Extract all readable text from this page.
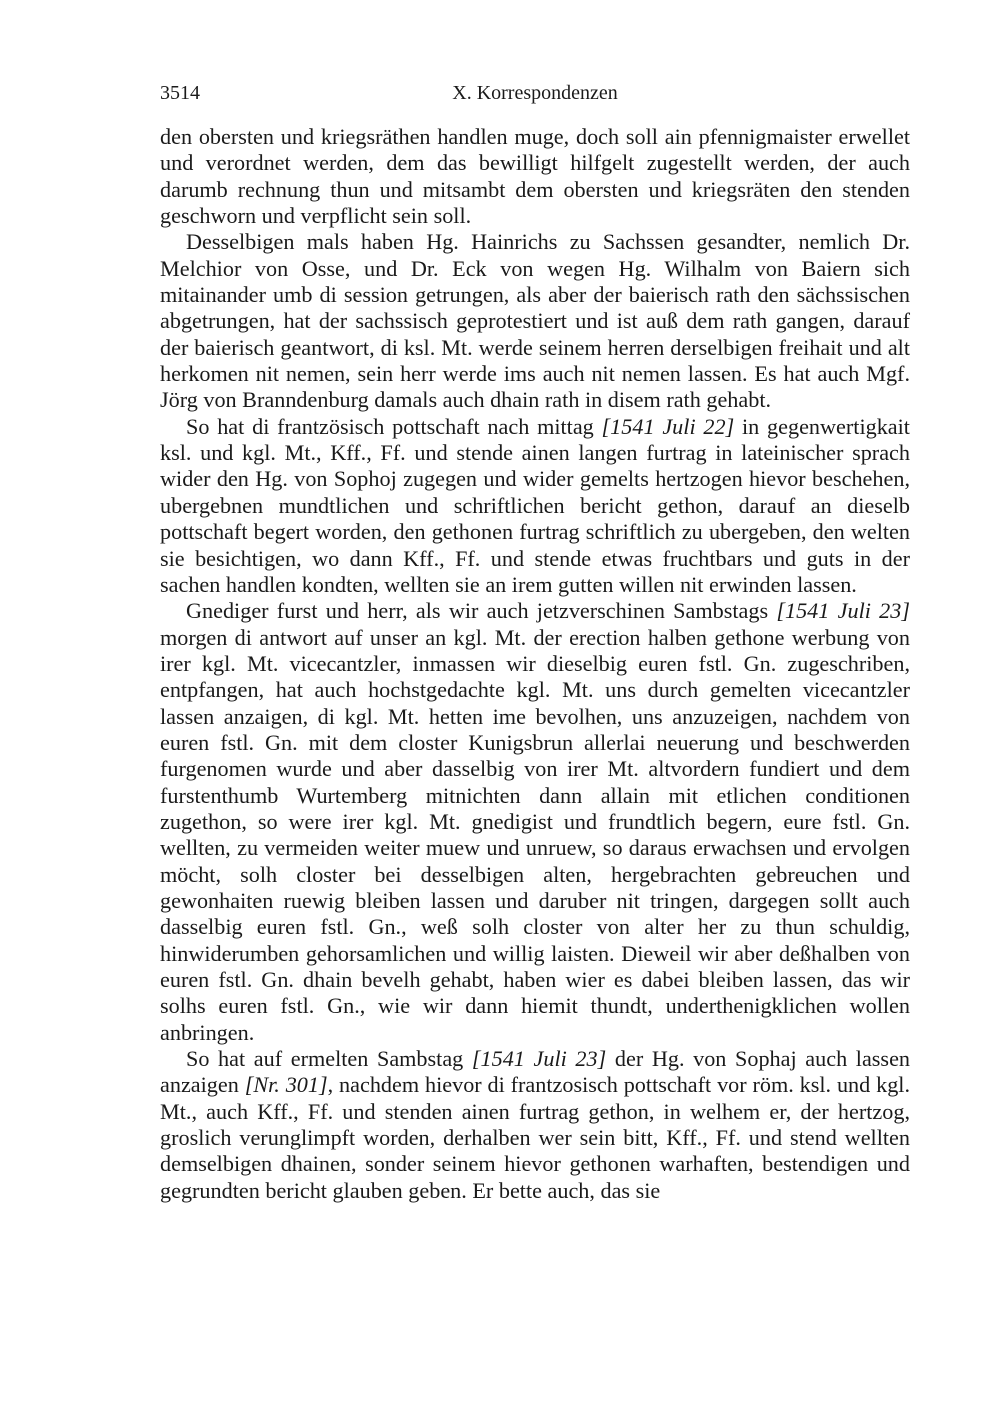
3514	X. Korrespondenzen

den obersten und kriegsräthen handlen muge, doch soll ain pfennigmaister erwellet und verordnet werden, dem das bewilligt hilfgelt zugestellt werden, der auch darumb rechnung thun und mitsambt dem obersten und kriegsräten den stenden geschworn und verpflicht sein soll.

Desselbigen mals haben Hg. Hainrichs zu Sachssen gesandter, nemlich Dr. Melchior von Osse, und Dr. Eck von wegen Hg. Wilhalm von Baiern sich mitainander umb di session getrungen, als aber der baierisch rath den sächssischen abgetrungen, hat der sachssisch geprotestiert und ist auß dem rath gangen, darauf der baierisch geantwort, di ksl. Mt. werde seinem herren derselbigen freihait und alt herkomen nit nemen, sein herr werde ims auch nit nemen lassen. Es hat auch Mgf. Jörg von Branndenburg damals auch dhain rath in disem rath gehabt.

So hat di frantzösisch pottschaft nach mittag [1541 Juli 22] in gegenwertigkait ksl. und kgl. Mt., Kff., Ff. und stende ainen langen furtrag in lateinischer sprach wider den Hg. von Sophoj zugegen und wider gemelts hertzogen hievor beschehen, ubergebnen mundtlichen und schriftlichen bericht gethon, darauf an dieselb pottschaft begert worden, den gethonen furtrag schriftlich zu ubergeben, den welten sie besichtigen, wo dann Kff., Ff. und stende etwas fruchtbars und guts in der sachen handlen kondten, wellten sie an irem gutten willen nit erwinden lassen.

Gnediger furst und herr, als wir auch jetzverschinen Sambstags [1541 Juli 23] morgen di antwort auf unser an kgl. Mt. der erection halben gethone werbung von irer kgl. Mt. vicecantzler, inmassen wir dieselbig euren fstl. Gn. zugeschriben, entpfangen, hat auch hochstgedachte kgl. Mt. uns durch gemelten vicecantzler lassen anzaigen, di kgl. Mt. hetten ime bevolhen, uns anzuzeigen, nachdem von euren fstl. Gn. mit dem closter Kunigsbrun allerlai neuerung und beschwerden furgenomen wurde und aber dasselbig von irer Mt. altvordern fundiert und dem furstenthumb Wurtemberg mitnichten dann allain mit etlichen conditionen zugethon, so were irer kgl. Mt. gnedigist und frundtlich begern, eure fstl. Gn. wellten, zu vermeiden weiter muew und unruew, so daraus erwachsen und ervolgen möcht, solh closter bei desselbigen alten, hergebrachten gebreuchen und gewonhaiten ruewig bleiben lassen und daruber nit tringen, dargegen sollt auch dasselbig euren fstl. Gn., weß solh closter von alter her zu thun schuldig, hinwiderumben gehorsamlichen und willig laisten. Dieweil wir aber deßhalben von euren fstl. Gn. dhain bevelh gehabt, haben wier es dabei bleiben lassen, das wir solhs euren fstl. Gn., wie wir dann hiemit thundt, underthenigklichen wollen anbringen.

So hat auf ermelten Sambstag [1541 Juli 23] der Hg. von Sophaj auch lassen anzaigen [Nr. 301], nachdem hievor di frantzosisch pottschaft vor röm. ksl. und kgl. Mt., auch Kff., Ff. und stenden ainen furtrag gethon, in welhem er, der hertzog, groslich verunglimpft worden, derhalben wer sein bitt, Kff., Ff. und stend wellten demselbigen dhainen, sonder seinem hievor gethonen warhaften, bestendigen und gegrundten bericht glauben geben. Er bette auch, das sie
